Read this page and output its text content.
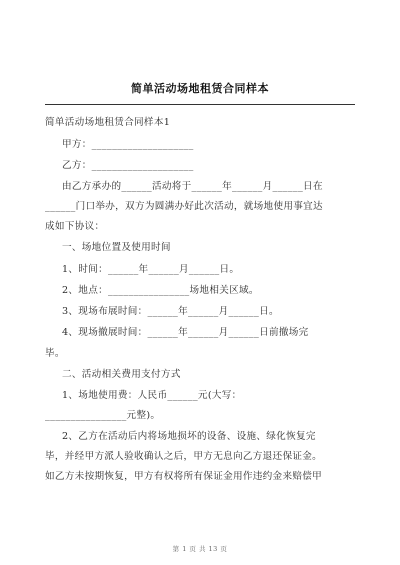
简单活动场地租赁合同样本
简单活动场地租赁合同样本1
甲方：____________________
乙方：____________________
由乙方承办的______活动将于______年______月______日在
______门口举办，双方为圆满办好此次活动，就场地使用事宜达
成如下协议：
一、场地位置及使用时间
1、时间：______年______月______日。
2、地点：________________场地相关区域。
3、现场布展时间：______年______月______日。
4、现场撤展时间：______年______月______日前撤场完
毕。
二、活动相关费用支付方式
1、场地使用费：人民币______元(大写：
________________元整)。
2、乙方在活动后内将场地损坏的设备、设施、绿化恢复完
毕，并经甲方派人验收确认之后，甲方无息向乙方退还保证金。
如乙方未按期恢复，甲方有权将所有保证金用作违约金来赔偿甲
第 1 页 共 13 页
